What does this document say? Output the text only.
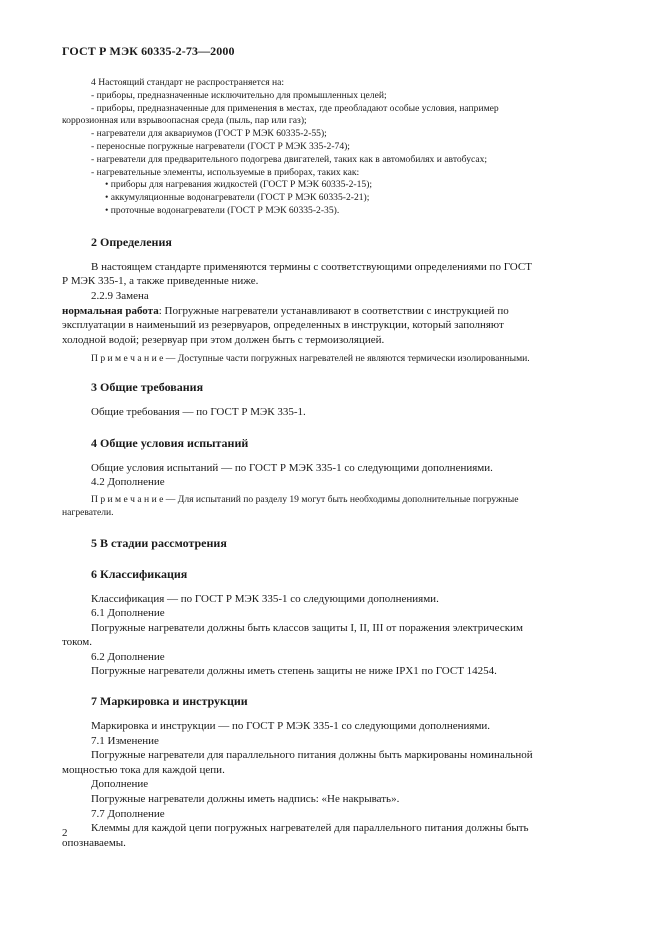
ГОСТ Р МЭК 60335-2-73—2000
4 Настоящий стандарт не распространяется на:
- приборы, предназначенные исключительно для промышленных целей;
- приборы, предназначенные для применения в местах, где преобладают особые условия, например
коррозионная или взрывоопасная среда (пыль, пар или газ);
- нагреватели для аквариумов (ГОСТ Р МЭК 60335-2-55);
- переносные погружные нагреватели (ГОСТ Р МЭК 335-2-74);
- нагреватели для предварительного подогрева двигателей, таких как в автомобилях и автобусах;
- нагревательные элементы, используемые в приборах, таких как:
• приборы для нагревания жидкостей (ГОСТ Р МЭК 60335-2-15);
• аккумуляционные водонагреватели (ГОСТ Р МЭК 60335-2-21);
• проточные водонагреватели (ГОСТ Р МЭК 60335-2-35).
2 Определения
В настоящем стандарте применяются термины с соответствующими определениями по ГОСТ
Р МЭК 335-1, а также приведенные ниже.
2.2.9 Замена
нормальная работа: Погружные нагреватели устанавливают в соответствии с инструкцией по
эксплуатации в наименьший из резервуаров, определенных в инструкции, который заполняют
холодной водой; резервуар при этом должен быть с термоизоляцией.
П р и м е ч а н и е — Доступные части погружных нагревателей не являются термически изолированными.
3 Общие требования
Общие требования — по ГОСТ Р МЭК 335-1.
4 Общие условия испытаний
Общие условия испытаний — по ГОСТ Р МЭК 335-1 со следующими дополнениями.
4.2 Дополнение
П р и м е ч а н и е — Для испытаний по разделу 19 могут быть необходимы дополнительные погружные
нагреватели.
5 В стадии рассмотрения
6 Классификация
Классификация — по ГОСТ Р МЭК 335-1 со следующими дополнениями.
6.1 Дополнение
Погружные нагреватели должны быть классов защиты I, II, III от поражения электрическим
током.
6.2 Дополнение
Погружные нагреватели должны иметь степень защиты не ниже IPX1 по ГОСТ 14254.
7 Маркировка и инструкции
Маркировка и инструкции — по ГОСТ Р МЭК 335-1 со следующими дополнениями.
7.1 Изменение
Погружные нагреватели для параллельного питания должны быть маркированы номинальной
мощностью тока для каждой цепи.
Дополнение
Погружные нагреватели должны иметь надпись: «Не накрывать».
7.7 Дополнение
Клеммы для каждой цепи погружных нагревателей для параллельного питания должны быть
опознаваемы.
2
